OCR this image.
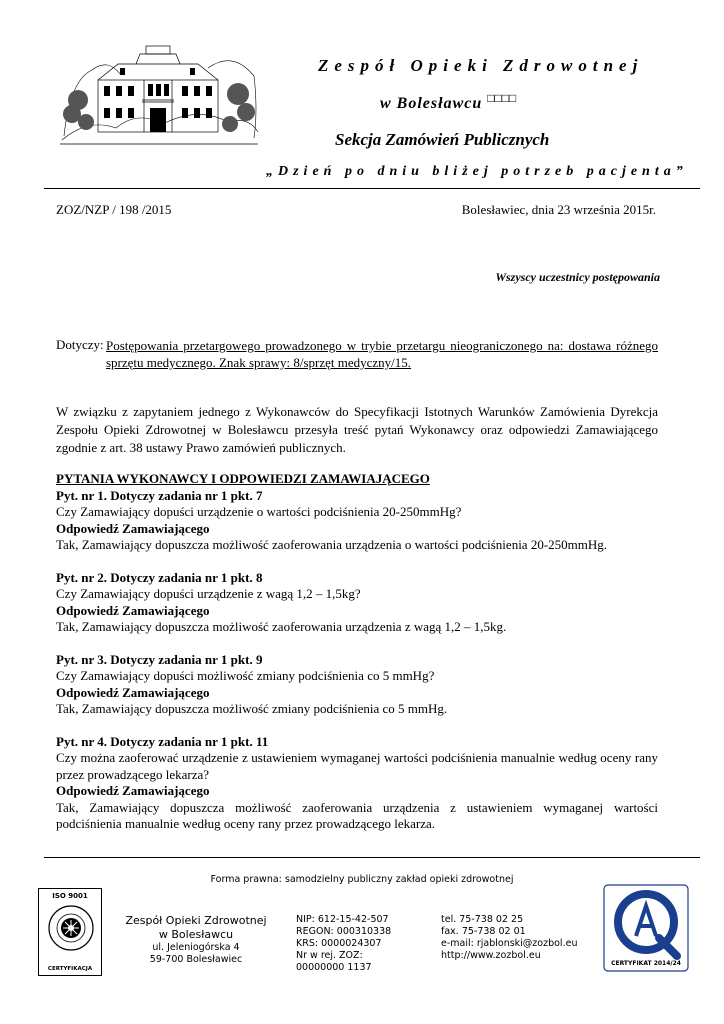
Zespół Opieki Zdrowotnej
w Bolesławcu □□□□
Sekcja Zamówień Publicznych
„Dzień po dniu bliżej potrzeb pacjenta”
ZOZ/NZP / 198 /2015	Bolesławiec, dnia 23 września 2015r.
Wszyscy uczestnicy postępowania
Dotyczy: Postępowania przetargowego prowadzonego w trybie przetargu nieograniczonego na: dostawa różnego sprzętu medycznego. Znak sprawy: 8/sprzęt medyczny/15.
W związku z zapytaniem jednego z Wykonawców do Specyfikacji Istotnych Warunków Zamówienia Dyrekcja Zespołu Opieki Zdrowotnej w Bolesławcu przesyła treść pytań Wykonawcy oraz odpowiedzi Zamawiającego zgodnie z art. 38 ustawy Prawo zamówień publicznych.
PYTANIA WYKONAWCY I ODPOWIEDZI ZAMAWIAJĄCEGO
Pyt. nr 1. Dotyczy zadania nr 1 pkt. 7

Czy Zamawiający dopuści urządzenie o wartości podciśnienia 20-250mmHg?

Odpowiedź Zamawiającego

Tak, Zamawiający dopuszcza możliwość zaoferowania urządzenia o wartości podciśnienia 20-250mmHg.

Pyt. nr 2. Dotyczy zadania nr 1 pkt. 8

Czy Zamawiający dopuści urządzenie z wagą 1,2 – 1,5kg?

Odpowiedź Zamawiającego

Tak, Zamawiający dopuszcza możliwość zaoferowania urządzenia z wagą 1,2 – 1,5kg.

Pyt. nr 3. Dotyczy zadania nr 1 pkt. 9

Czy Zamawiający dopuści możliwość zmiany podciśnienia co 5 mmHg?

Odpowiedź Zamawiającego

Tak, Zamawiający dopuszcza możliwość zmiany podciśnienia co 5 mmHg.

Pyt. nr 4. Dotyczy zadania nr 1 pkt. 11

Czy można zaoferować urządzenie z ustawieniem wymaganej wartości podciśnienia manualnie według oceny rany przez prowadzącego lekarza?

Odpowiedź Zamawiającego

Tak, Zamawiający dopuszcza możliwość zaoferowania urządzenia z ustawieniem wymaganej wartości podciśnienia manualnie według oceny rany przez prowadzącego lekarza.

Forma prawna: samodzielny publiczny zakład opieki zdrowotnej
ISO 9001
CERTYFIKACJA
Zespół Opieki Zdrowotnej
w Bolesławcu
ul. Jeleniogórska 4
59-700 Bolesławiec
NIP: 612-15-42-507
REGON: 000310338
KRS: 0000024307
Nr w rej. ZOZ:
00000000 1137
tel. 75-738 02 25
fax. 75-738 02 01
e-mail: rjablonski@zozbol.eu
http://www.zozbol.eu
CERTYFIKAT 2014/24
